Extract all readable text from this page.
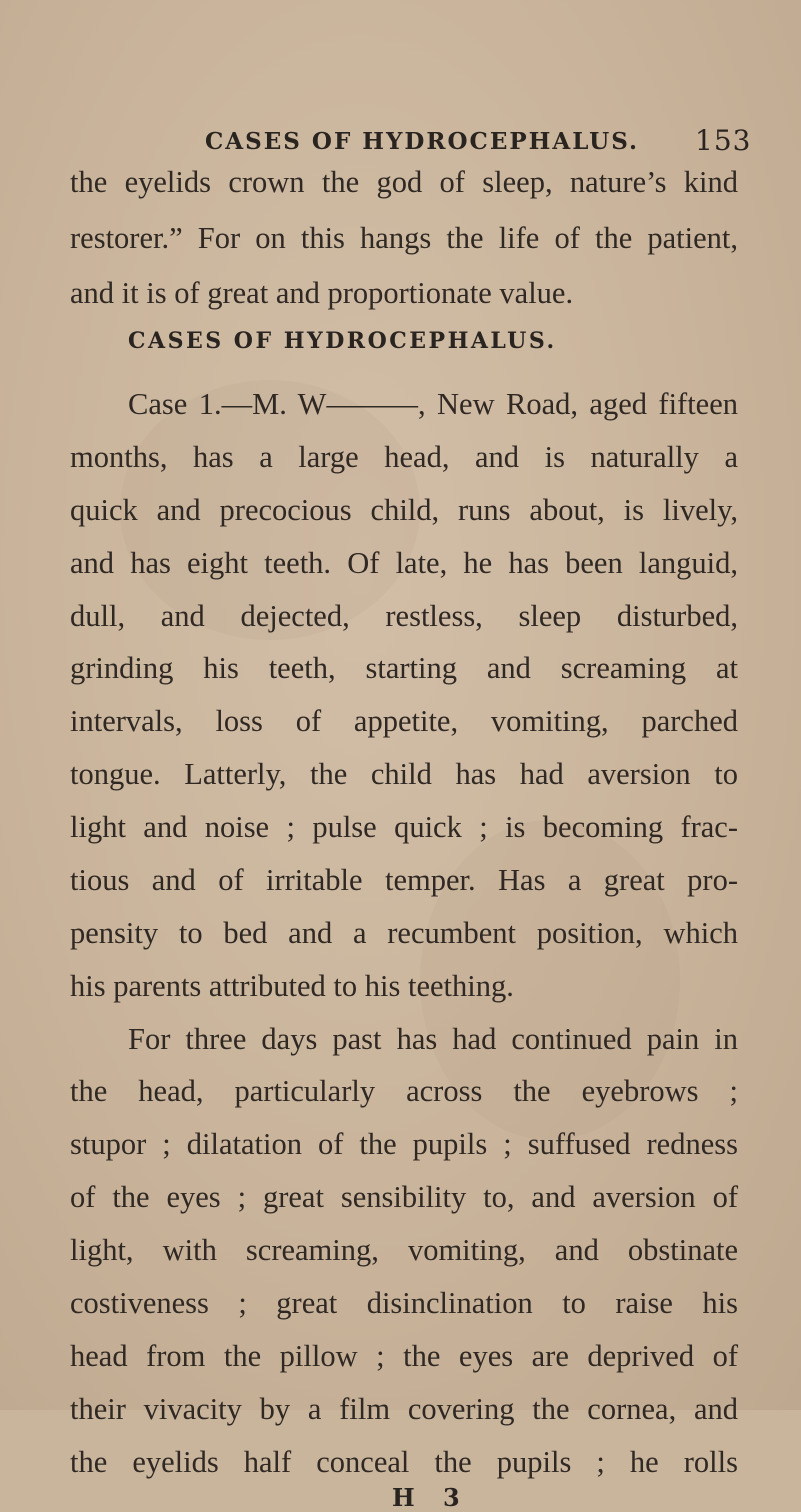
CASES OF HYDROCEPHALUS. 153
the eyelids crown the god of sleep, nature’s kind
restorer.” For on this hangs the life of the patient,
and it is of great and proportionate value.
CASES OF HYDROCEPHALUS.
Case 1.—M. W———, New Road, aged fifteen
months, has a large head, and is naturally a
quick and precocious child, runs about, is lively,
and has eight teeth. Of late, he has been languid,
dull, and dejected, restless, sleep disturbed,
grinding his teeth, starting and screaming at
intervals, loss of appetite, vomiting, parched
tongue. Latterly, the child has had aversion to
light and noise ; pulse quick ; is becoming frac-
tious and of irritable temper. Has a great pro-
pensity to bed and a recumbent position, which
his parents attributed to his teething.
For three days past has had continued pain in
the head, particularly across the eyebrows ;
stupor ; dilatation of the pupils ; suffused redness
of the eyes ; great sensibility to, and aversion of
light, with screaming, vomiting, and obstinate
costiveness ; great disinclination to raise his
head from the pillow ; the eyes are deprived of
their vivacity by a film covering the cornea, and
the eyelids half conceal the pupils ; he rolls
H 3
